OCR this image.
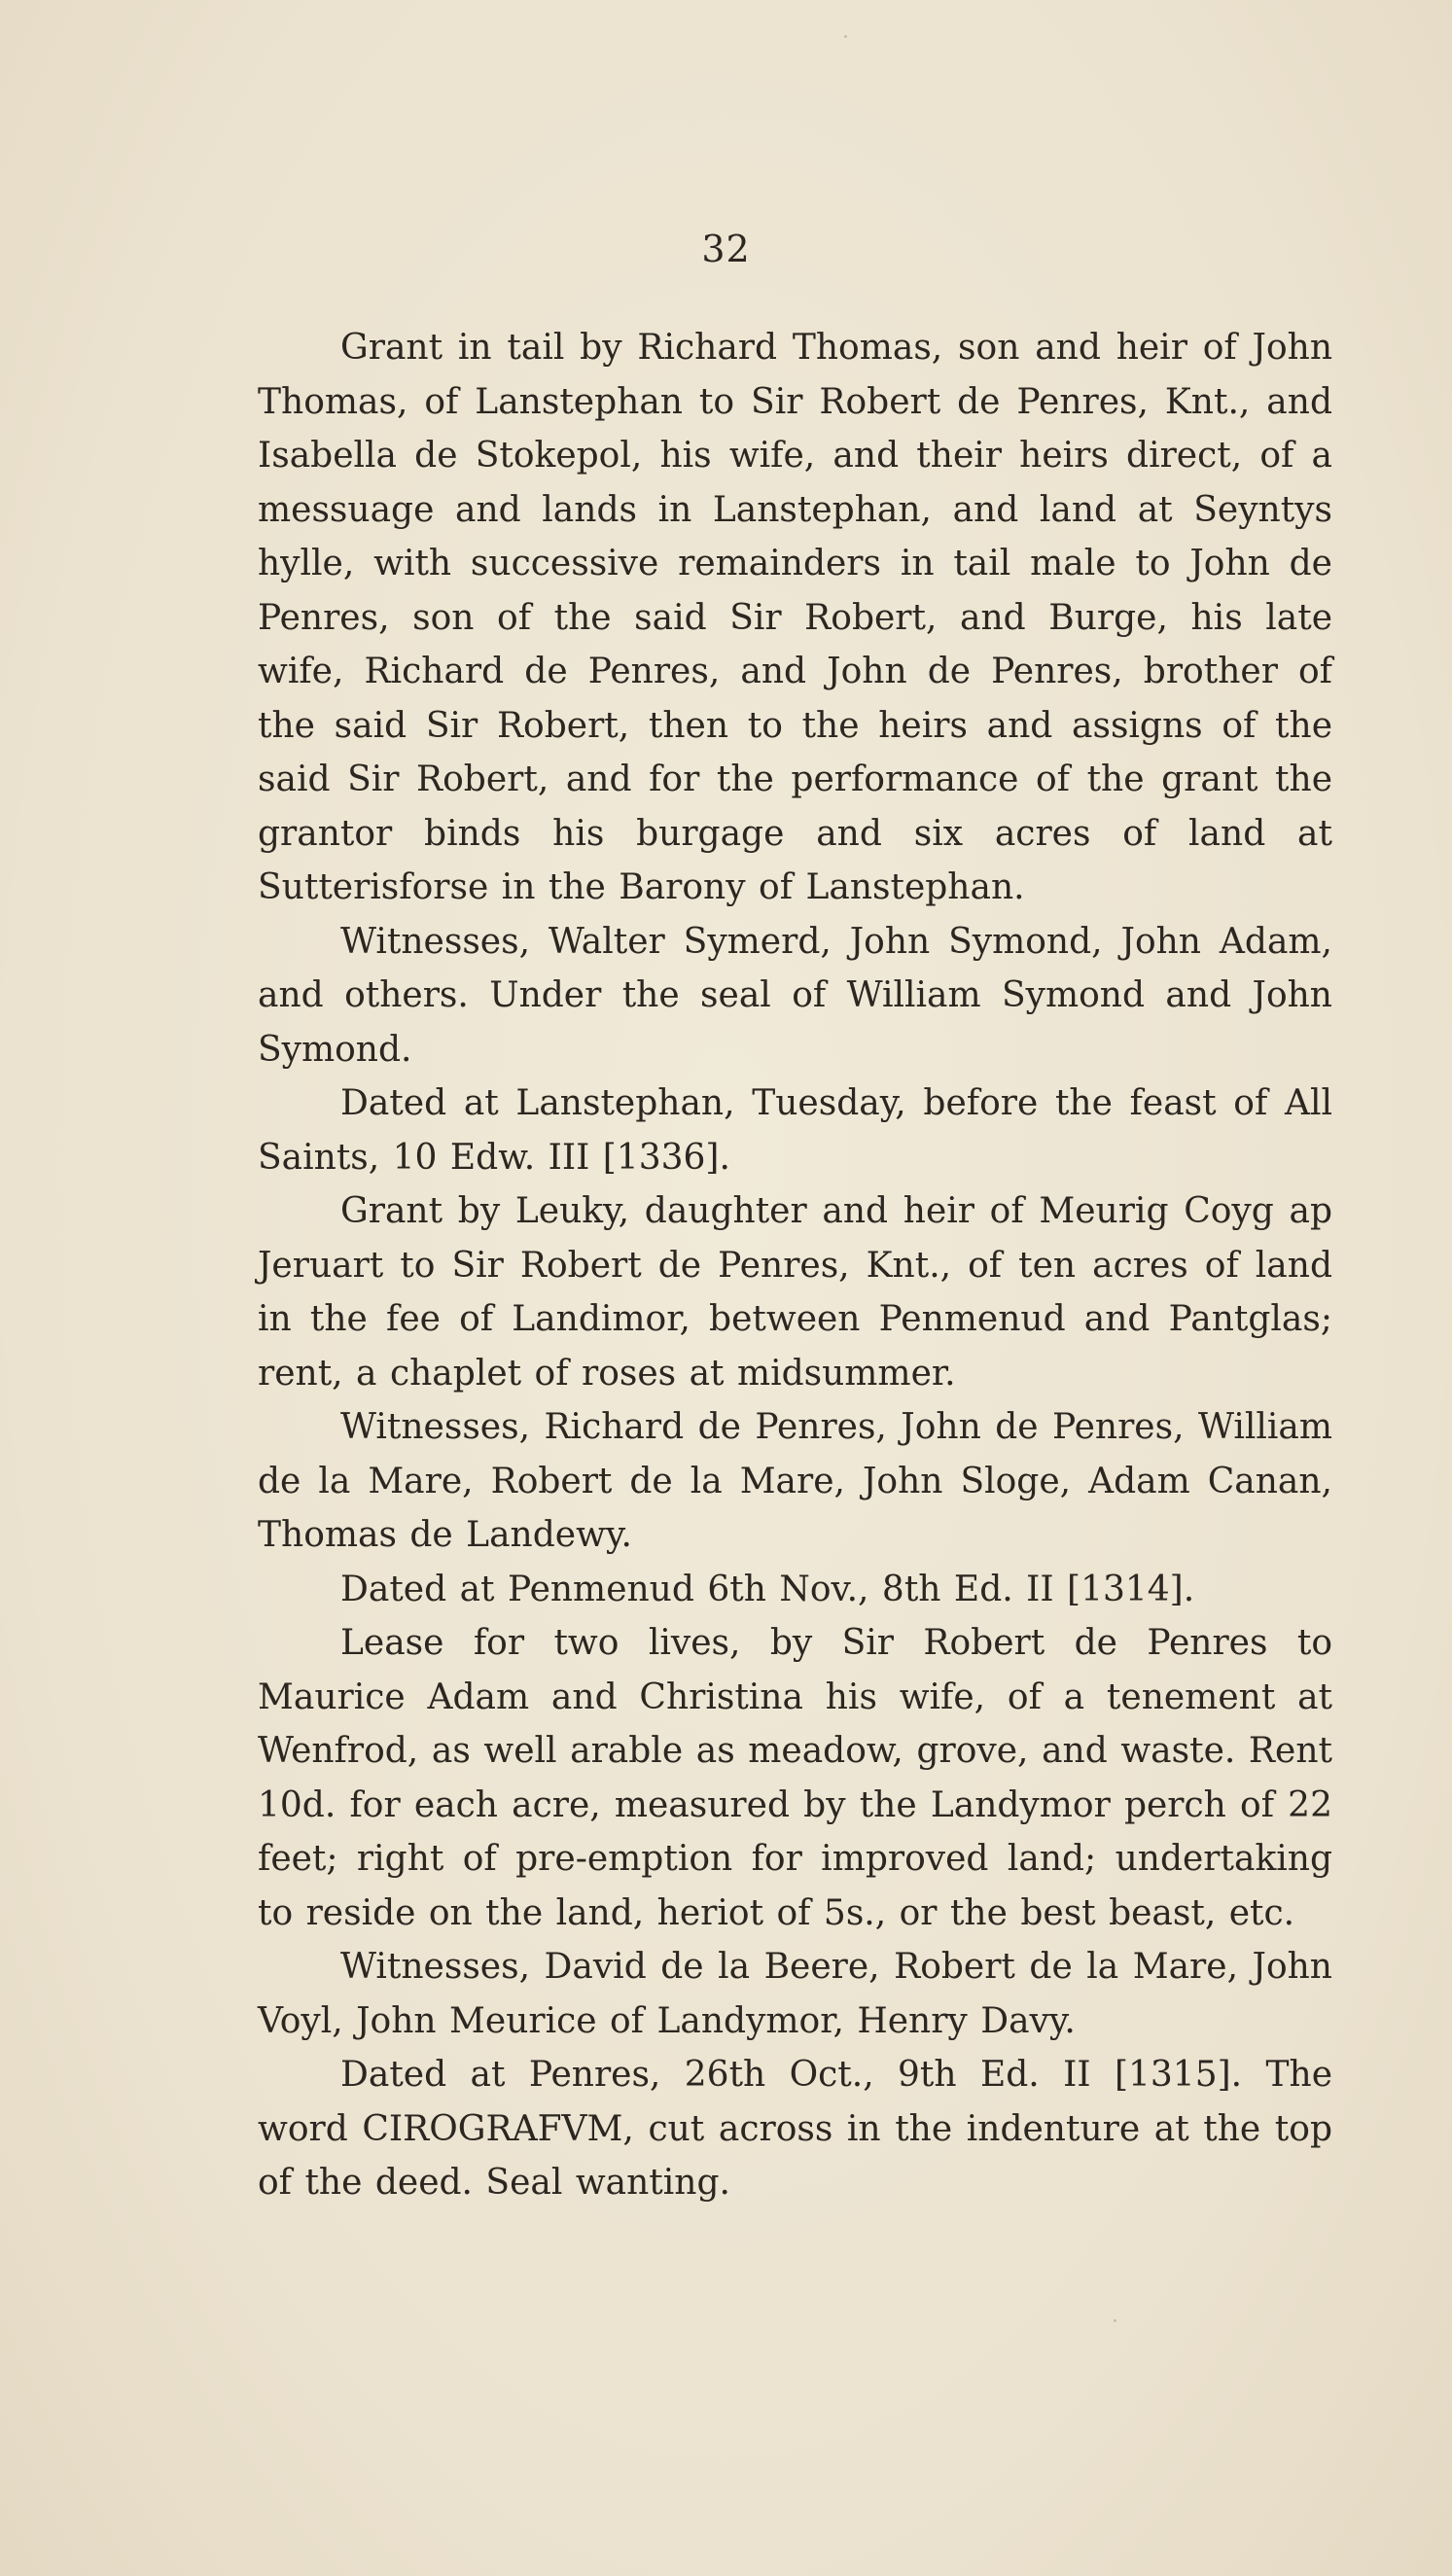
32

Grant in tail by Richard Thomas, son and heir of John Thomas, of Lanstephan to Sir Robert de Penres, Knt., and Isabella de Stokepol, his wife, and their heirs direct, of a messuage and lands in Lanstephan, and land at Seyntys hylle, with successive remainders in tail male to John de Penres, son of the said Sir Robert, and Burge, his late wife, Richard de Penres, and John de Penres, brother of the said Sir Robert, then to the heirs and assigns of the said Sir Robert, and for the performance of the grant the grantor binds his burgage and six acres of land at Sutterisforse in the Barony of Lanstephan.

Witnesses, Walter Symerd, John Symond, John Adam, and others. Under the seal of William Symond and John Symond.

Dated at Lanstephan, Tuesday, before the feast of All Saints, 10 Edw. III [1336].

Grant by Leuky, daughter and heir of Meurig Coyg ap Jeruart to Sir Robert de Penres, Knt., of ten acres of land in the fee of Landimor, between Penmenud and Pantglas; rent, a chaplet of roses at midsummer.

Witnesses, Richard de Penres, John de Penres, William de la Mare, Robert de la Mare, John Sloge, Adam Canan, Thomas de Landewy.

Dated at Penmenud 6th Nov., 8th Ed. II [1314].

Lease for two lives, by Sir Robert de Penres to Maurice Adam and Christina his wife, of a tenement at Wenfrod, as well arable as meadow, grove, and waste. Rent 10d. for each acre, measured by the Landymor perch of 22 feet; right of pre-emption for improved land; undertaking to reside on the land, heriot of 5s., or the best beast, etc.

Witnesses, David de la Beere, Robert de la Mare, John Voyl, John Meurice of Landymor, Henry Davy.

Dated at Penres, 26th Oct., 9th Ed. II [1315]. The word CIROGRAFVM, cut across in the indenture at the top of the deed. Seal wanting.
